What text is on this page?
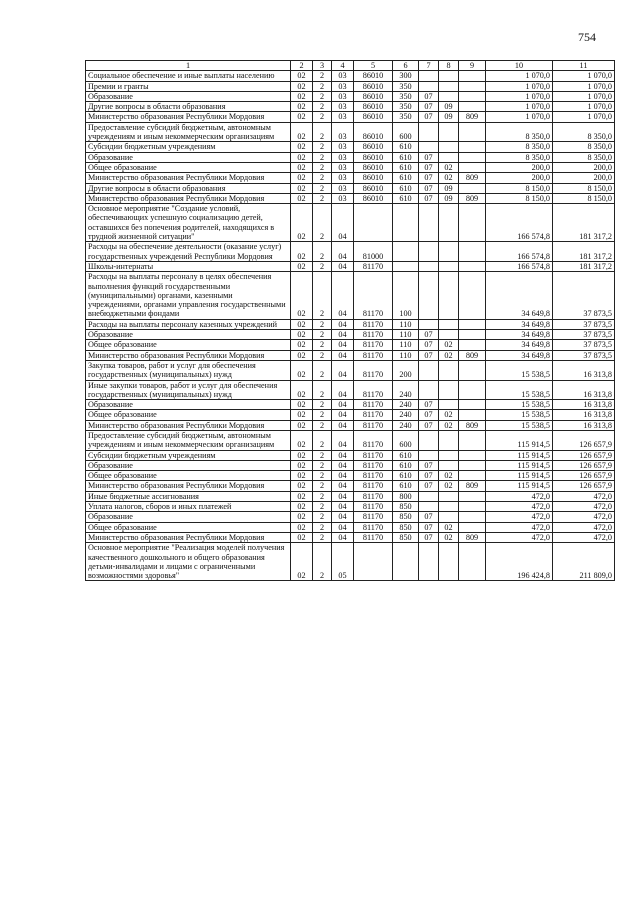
754
1	2	3	4	5	6	7	8	9	10	11
Социальное обеспечение и иные выплаты населению	02	2	03	86010	300				1 070,0	1 070,0
Премии и гранты	02	2	03	86010	350				1 070,0	1 070,0
Образование	02	2	03	86010	350	07			1 070,0	1 070,0
Другие вопросы в области образования	02	2	03	86010	350	07	09		1 070,0	1 070,0
Министерство образования Республики Мордовия	02	2	03	86010	350	07	09	809	1 070,0	1 070,0
Предоставление субсидий бюджетным, автономным учреждениям и иным некоммерческим организациям	02	2	03	86010	600				8 350,0	8 350,0
Субсидии бюджетным учреждениям	02	2	03	86010	610				8 350,0	8 350,0
Образование	02	2	03	86010	610	07			8 350,0	8 350,0
Общее образование	02	2	03	86010	610	07	02		200,0	200,0
Министерство образования Республики Мордовия	02	2	03	86010	610	07	02	809	200,0	200,0
Другие вопросы в области образования	02	2	03	86010	610	07	09		8 150,0	8 150,0
Министерство образования Республики Мордовия	02	2	03	86010	610	07	09	809	8 150,0	8 150,0
Основное мероприятие "Создание условий, обеспечивающих успешную социализацию детей, оставшихся без попечения родителей, находящихся в трудной жизненной ситуации"	02	2	04						166 574,8	181 317,2
Расходы на обеспечение деятельности (оказание услуг) государственных учреждений Республики Мордовия	02	2	04	81000					166 574,8	181 317,2
Школы-интернаты	02	2	04	81170					166 574,8	181 317,2
Расходы на выплаты персоналу в целях обеспечения выполнения функций государственными (муниципальными) органами, казенными учреждениями, органами управления государственными внебюджетными фондами	02	2	04	81170	100				34 649,8	37 873,5
Расходы на выплаты персоналу казенных учреждений	02	2	04	81170	110				34 649,8	37 873,5
Образование	02	2	04	81170	110	07			34 649,8	37 873,5
Общее образование	02	2	04	81170	110	07	02		34 649,8	37 873,5
Министерство образования Республики Мордовия	02	2	04	81170	110	07	02	809	34 649,8	37 873,5
Закупка товаров, работ и услуг для обеспечения государственных (муниципальных) нужд	02	2	04	81170	200				15 538,5	16 313,8
Иные закупки товаров, работ и услуг для обеспечения государственных (муниципальных) нужд	02	2	04	81170	240				15 538,5	16 313,8
Образование	02	2	04	81170	240	07			15 538,5	16 313,8
Общее образование	02	2	04	81170	240	07	02		15 538,5	16 313,8
Министерство образования Республики Мордовия	02	2	04	81170	240	07	02	809	15 538,5	16 313,8
Предоставление субсидий бюджетным, автономным учреждениям и иным некоммерческим организациям	02	2	04	81170	600				115 914,5	126 657,9
Субсидии бюджетным учреждениям	02	2	04	81170	610				115 914,5	126 657,9
Образование	02	2	04	81170	610	07			115 914,5	126 657,9
Общее образование	02	2	04	81170	610	07	02		115 914,5	126 657,9
Министерство образования Республики Мордовия	02	2	04	81170	610	07	02	809	115 914,5	126 657,9
Иные бюджетные ассигнования	02	2	04	81170	800				472,0	472,0
Уплата налогов, сборов и иных платежей	02	2	04	81170	850				472,0	472,0
Образование	02	2	04	81170	850	07			472,0	472,0
Общее образование	02	2	04	81170	850	07	02		472,0	472,0
Министерство образования Республики Мордовия	02	2	04	81170	850	07	02	809	472,0	472,0
Основное мероприятие "Реализация моделей получения качественного дошкольного и общего образования детьми-инвалидами и лицами с ограниченными возможностями здоровья"	02	2	05						196 424,8	211 809,0
